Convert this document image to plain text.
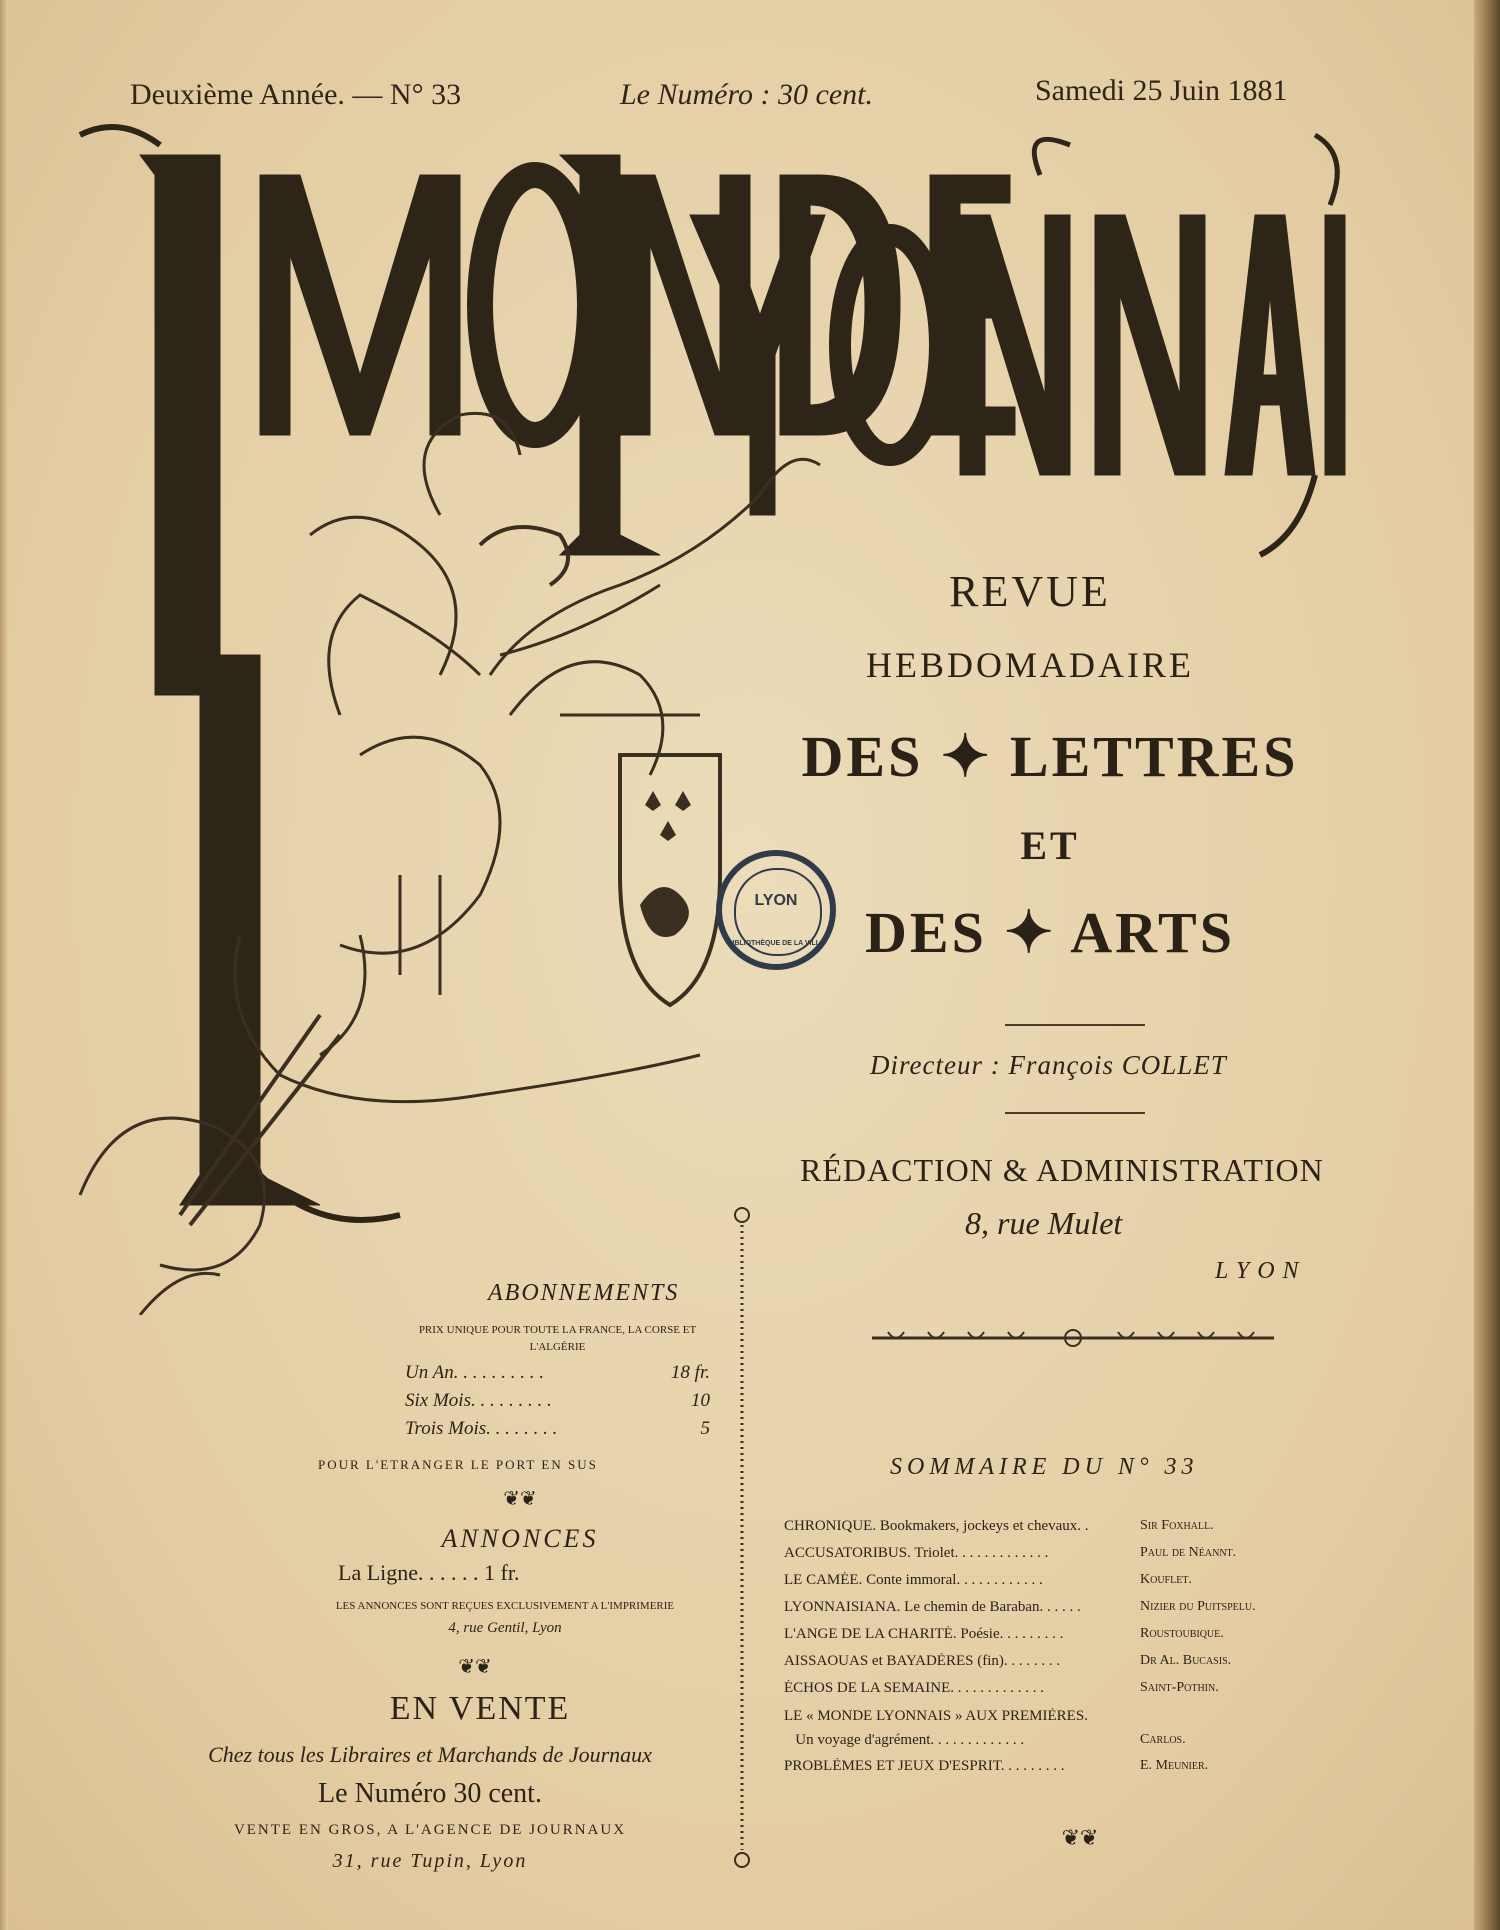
Deuxième Année. — N° 33	Le Numéro : 30 cent.	Samedi 25 Juin 1881
LYON
BIBLIOTHÈQUE DE LA VILLE
REVUE
HEBDOMADAIRE
DES ✦ LETTRES
ET
DES ✦ ARTS
Directeur : François COLLET
RÉDACTION & ADMINISTRATION
8, rue Mulet
LYON
ABONNEMENTS
PRIX UNIQUE POUR TOUTE LA FRANCE, LA CORSE ET L'ALGÉRIE
Un An. . . . . . . . . .	18 fr.
Six Mois. . . . . . . . .	10
Trois Mois. . . . . . . .	5
POUR L'ETRANGER LE PORT EN SUS
❦❦
ANNONCES
La Ligne. . . . . . 1 fr.
LES ANNONCES SONT REÇUES EXCLUSIVEMENT A L'IMPRIMERIE
4, rue Gentil, Lyon
❦❦
EN VENTE
Chez tous les Libraires et Marchands de Journaux
Le Numéro 30 cent.
VENTE EN GROS, A L'AGENCE DE JOURNAUX
31, rue Tupin, Lyon
SOMMAIRE DU N° 33
CHRONIQUE. Bookmakers, jockeys et chevaux. .	Sir Foxhall.
ACCUSATORIBUS. Triolet. . . . . . . . . . . . .	Paul de Néannt.
LE CAMÉE. Conte immoral. . . . . . . . . . . .	Kouflet.
LYONNAISIANA. Le chemin de Baraban. . . . . .	Nizier du Puitspelu.
L'ANGE DE LA CHARITÉ. Poésie. . . . . . . . .	Roustoubique.
AISSAOUAS et BAYADÈRES (fin). . . . . . . .	Dr Al. Bucasis.
ÉCHOS DE LA SEMAINE. . . . . . . . . . . . .	Saint-Pothin.
LE « MONDE LYONNAIS » AUX PREMIÈRES.
Un voyage d'agrément. . . . . . . . . . . . .	Carlos.
PROBLÈMES ET JEUX D'ESPRIT. . . . . . . . .	E. Meunier.
❦❦
